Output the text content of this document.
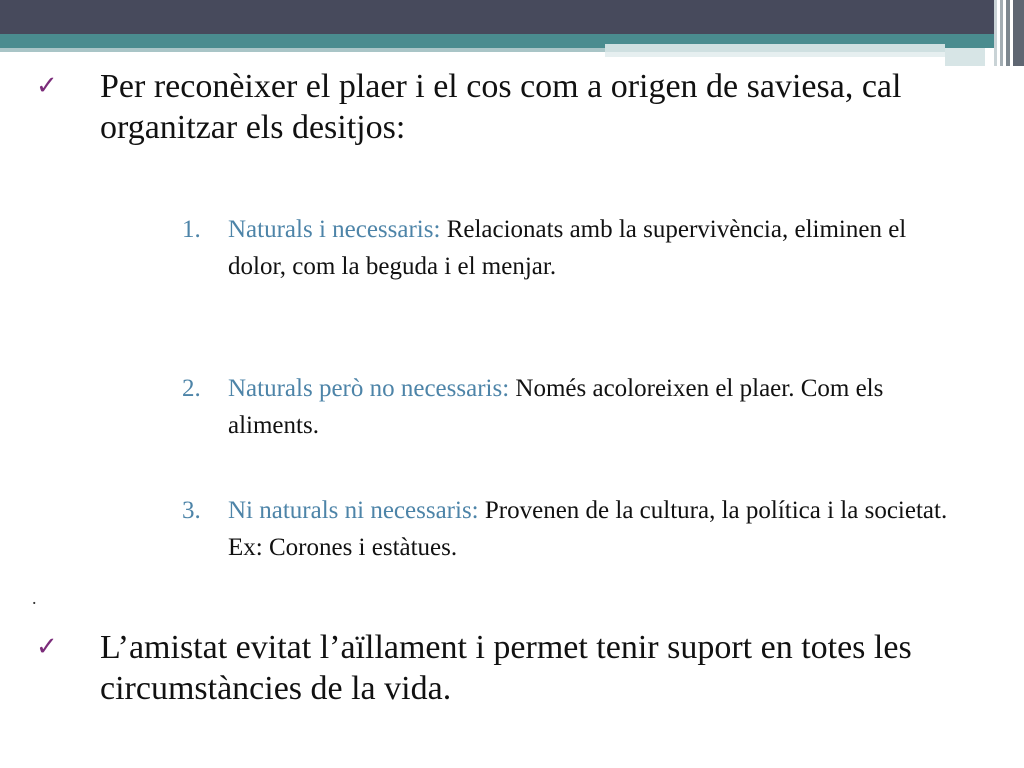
✓ Per reconèixer el plaer i el cos com a origen de saviesa, cal organitzar els desitjos:
1.	Naturals i necessaris: Relacionats amb la supervivència, eliminen el dolor, com la beguda i el menjar.
2.	Naturals però no necessaris: Només acoloreixen el plaer. Com els aliments.
3.	Ni naturals ni necessaris: Provenen de la cultura, la política i la societat. Ex: Corones i estàtues.
.
✓ L’amistat evitat l’aïllament i permet tenir suport en totes les circumstàncies de la vida.
